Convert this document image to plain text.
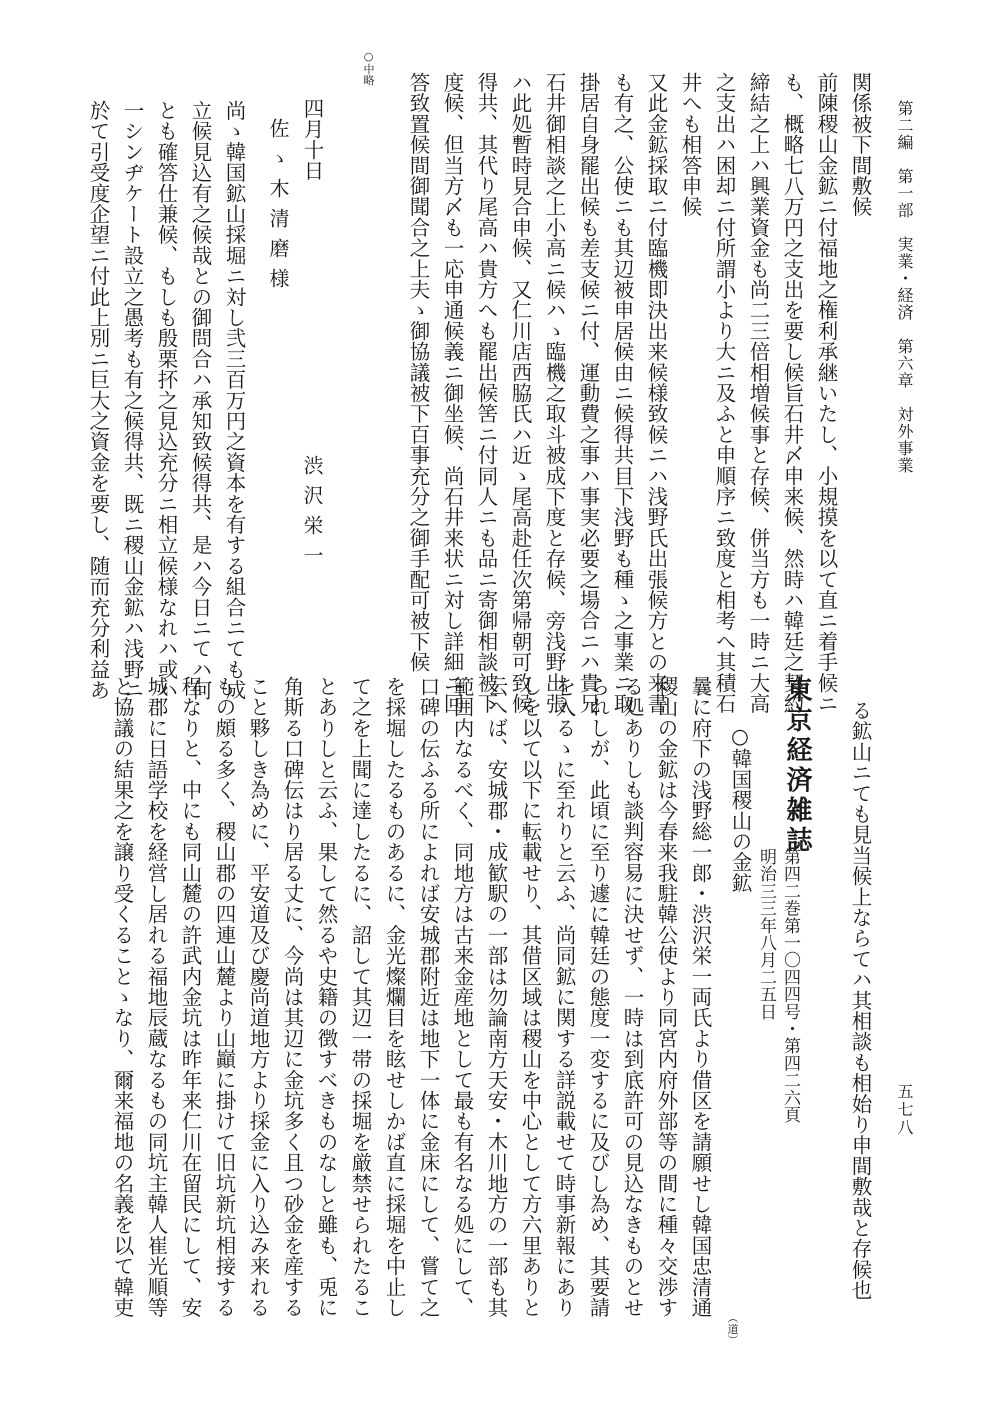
第二編　第一部　実業・経済　第六章　対外事業
五七八
関係被下間敷候
前陳稷山金鉱ニ付福地之権利承継いたし、小規摸を以て直ニ着手候ニ
も、概略七八万円之支出を要し候旨石井〆申来候、然時ハ韓廷之契約
締結之上ハ興業資金も尚二三倍相増候事と存候、併当方も一時ニ大高
之支出ハ困却ニ付所謂小より大ニ及ふと申順序ニ致度と相考へ其積石
井へも相答申候
又此金鉱採取ニ付臨機即決出来候様致候ニハ浅野氏出張候方との来書
も有之、公使ニも其辺被申居候由ニ候得共目下浅野も種ゝ之事業ニ取
掛居自身罷出候も差支候ニ付、運動費之事ハ事実必要之場合ニハ貴兄
石井御相談之上小高ニ候ハゝ臨機之取斗被成下度と存候、旁浅野出張
ハ此処暫時見合申候、又仁川店西脇氏ハ近ゝ尾高赴任次第帰朝可致候
得共、其代り尾高ハ貴方へも罷出候筈ニ付同人ニも品ニ寄御相談被下
度候、但当方〆も一応申通候義ニ御坐候、尚石井来状ニ対し詳細ニ回
答致置候間御聞合之上夫ゝ御協議被下百事充分之御手配可被下候
○中略
四月十日
渋沢栄一
佐ゝ木清磨様
尚ゝ韓国鉱山採堀ニ対し弐三百万円之資本を有する組合ニても成
立候見込有之候哉との御問合ハ承知致候得共、是ハ今日ニてハ何
とも確答仕兼候、もしも殷栗抔之見込充分ニ相立候様なれハ或ハ
一シンヂケート設立之愚考も有之候得共、既ニ稷山金鉱ハ浅野ニ
於て引受度企望ニ付此上別ニ巨大之資金を要し、随而充分利益あ
る鉱山ニても見当候上ならてハ其相談も相始り申間敷哉と存候也
東京経済雑誌
第四二巻第一〇四四号・第四二六頁
明治三三年八月二五日
○韓国稷山の金鉱
（道）
曩に府下の浅野総一郎・渋沢栄一両氏より借区を請願せし韓国忠清通
稷山の金鉱は今春来我駐韓公使より同宮内府外部等の間に種々交渉す
る処ありしも談判容易に決せず、一時は到底許可の見込なきものとせ
られしが、此頃に至り遽に韓廷の態度一変するに及びし為め、其要請
を入るゝに至れりと云ふ、尚同鉱に関する詳説載せて時事新報にあり
しを以て以下に転載せり、其借区域は稷山を中心として方六里ありと
云へば、安城郡・成歓駅の一部は勿論南方天安・木川地方の一部も其
範囲内なるべく、同地方は古来金産地として最も有名なる処にして、
口碑の伝ふる所によれば安城郡附近は地下一体に金床にして、嘗て之
を採堀したるものあるに、金光燦爛目を眩せしかば直に採堀を中止し
て之を上聞に達したるに、詔して其辺一帯の採堀を厳禁せられたるこ
とありしと云ふ、果して然るや史籍の徴すべきものなしと雖も、兎に
角斯る口碑伝はり居る丈に、今尚は其辺に金坑多く且つ砂金を産する
こと夥しき為めに、平安道及び慶尚道地方より採金に入り込み来れる
もの頗る多く、稷山郡の四連山麓より山巓に掛けて旧坑新坑相接する
程なりと、中にも同山麓の許武内金坑は昨年来仁川在留民にして、安
城郡に日語学校を経営し居れる福地辰蔵なるもの同坑主韓人崔光順等
と協議の結果之を譲り受くることゝなり、爾来福地の名義を以て韓吏
